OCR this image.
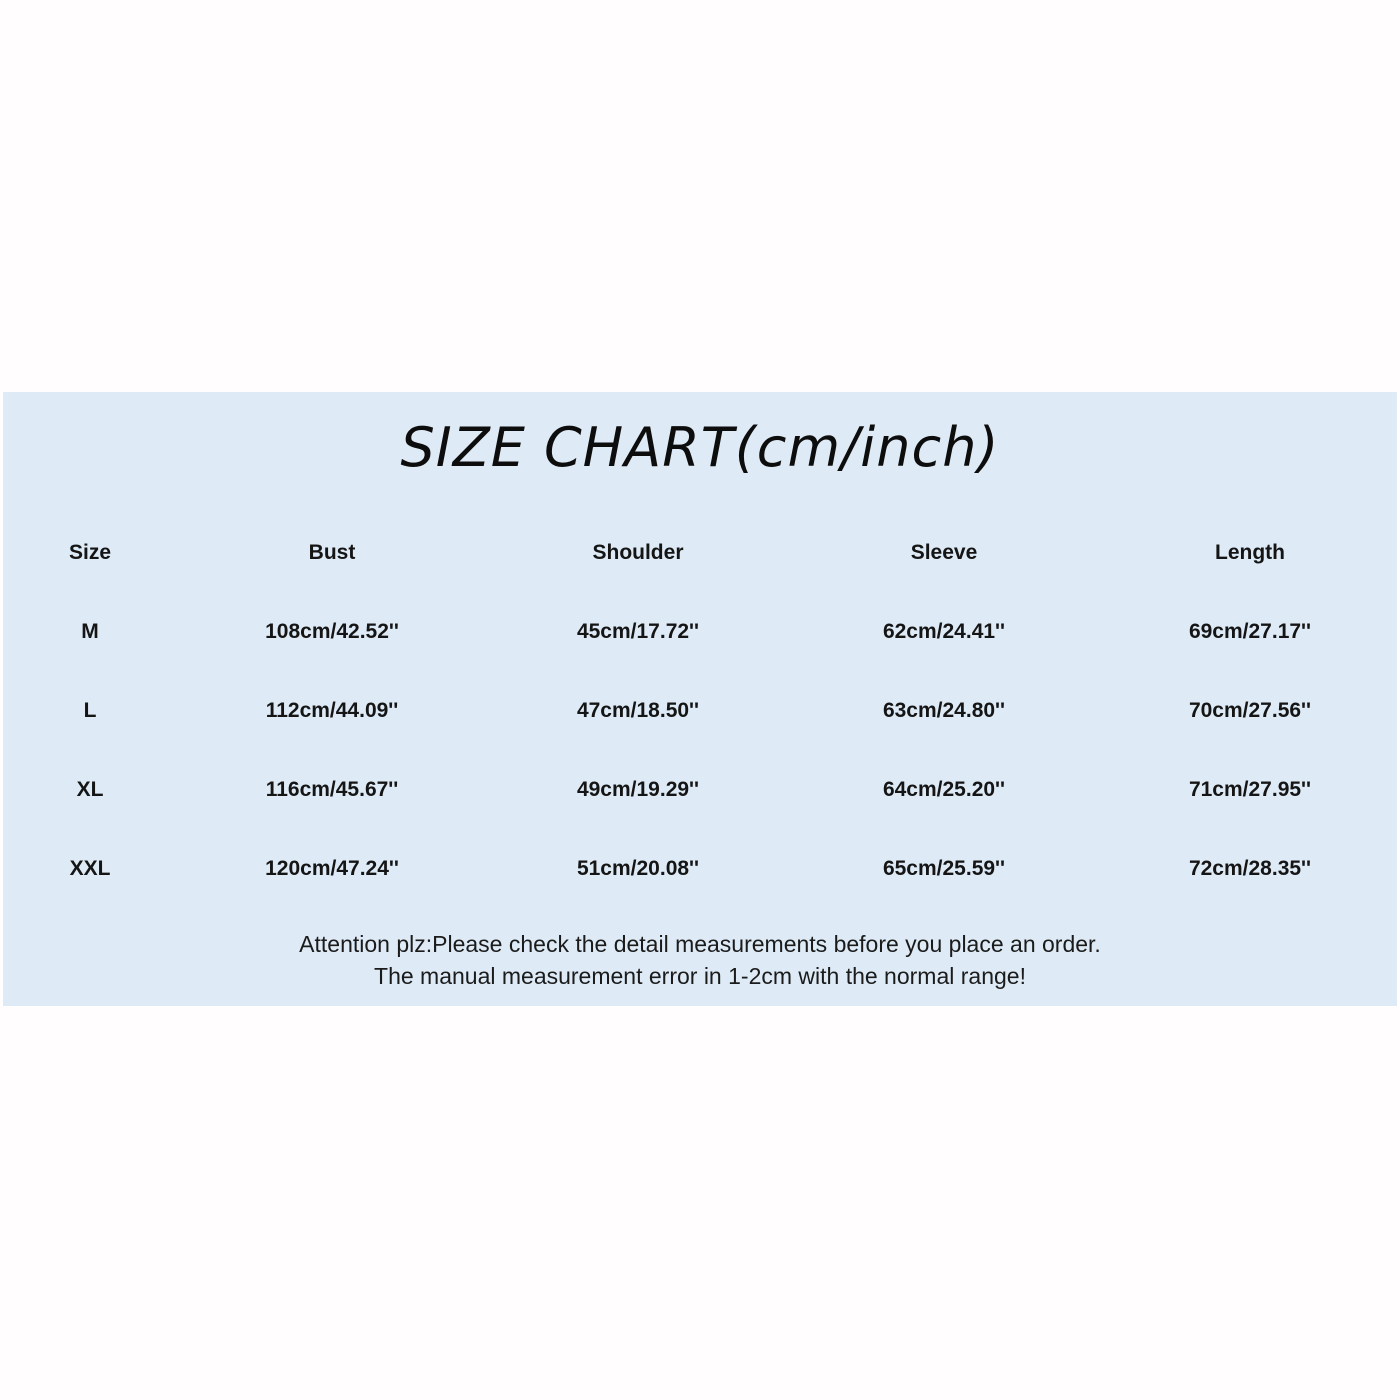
SIZE CHART(cm/inch)
Size	Bust	Shoulder	Sleeve	Length
M	108cm/42.52''	45cm/17.72''	62cm/24.41''	69cm/27.17''
L	112cm/44.09''	47cm/18.50''	63cm/24.80''	70cm/27.56''
XL	116cm/45.67''	49cm/19.29''	64cm/25.20''	71cm/27.95''
XXL	120cm/47.24''	51cm/20.08''	65cm/25.59''	72cm/28.35''
Attention plz:Please check the detail measurements before you place an order.
The manual measurement error in 1-2cm with the normal range!
